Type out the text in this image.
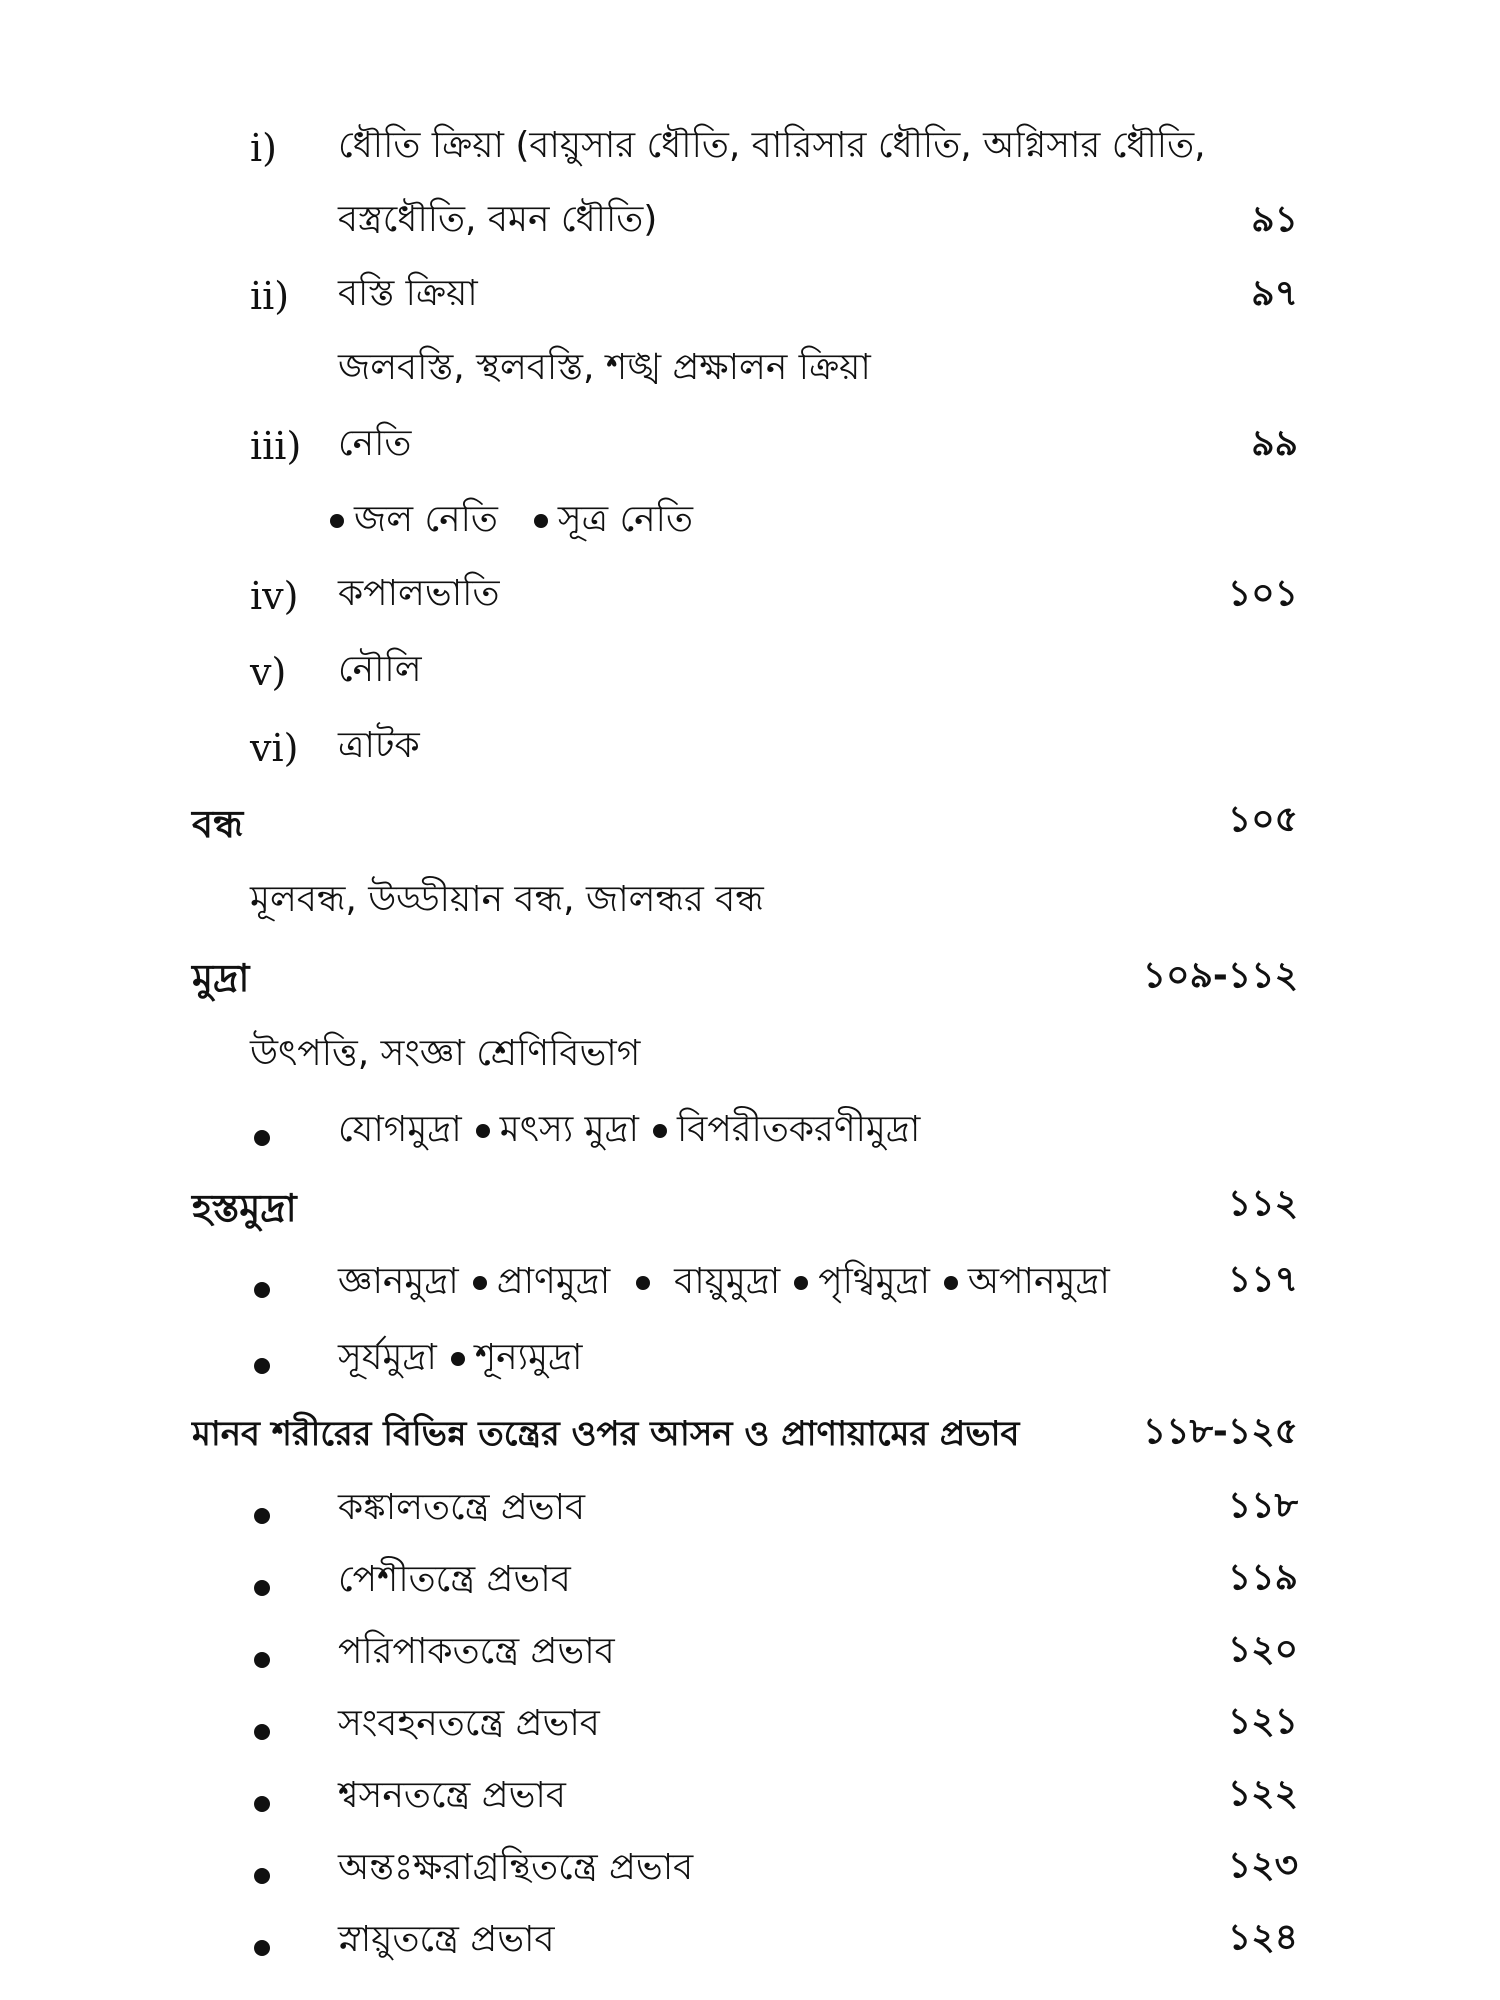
i) ধৌতি ক্রিয়া (বায়ুসার ধৌতি, বারিসার ধৌতি, অগ্নিসার ধৌতি,
বস্ত্রধৌতি, বমন ধৌতি)	৯১
ii) বস্তি ক্রিয়া	৯৭
জলবস্তি, স্থলবস্তি, শঙ্খ প্রক্ষালন ক্রিয়া
iii) নেতি	৯৯
জল নেতি সূত্র নেতি
iv) কপালভাতি	১০১
v) নৌলি
vi) ত্রাটক
বন্ধ	১০৫
মূলবন্ধ, উড্ডীয়ান বন্ধ, জালন্ধর বন্ধ
মুদ্রা	১০৯-১১২
উৎপত্তি, সংজ্ঞা শ্রেণিবিভাগ
যোগমুদ্রা মৎস্য মুদ্রা বিপরীতকরণীমুদ্রা
হস্তমুদ্রা	১১২
জ্ঞানমুদ্রা প্রাণমুদ্রা বায়ুমুদ্রা পৃথ্বিমুদ্রা অপানমুদ্রা	১১৭
সূর্যমুদ্রা শূন্যমুদ্রা
মানব শরীরের বিভিন্ন তন্ত্রের ওপর আসন ও প্রাণায়ামের প্রভাব	১১৮-১২৫
কঙ্কালতন্ত্রে প্রভাব	১১৮
পেশীতন্ত্রে প্রভাব	১১৯
পরিপাকতন্ত্রে প্রভাব	১২০
সংবহনতন্ত্রে প্রভাব	১২১
শ্বসনতন্ত্রে প্রভাব	১২২
অন্তঃক্ষরাগ্রন্থিতন্ত্রে প্রভাব	১২৩
স্নায়ুতন্ত্রে প্রভাব	১২৪
